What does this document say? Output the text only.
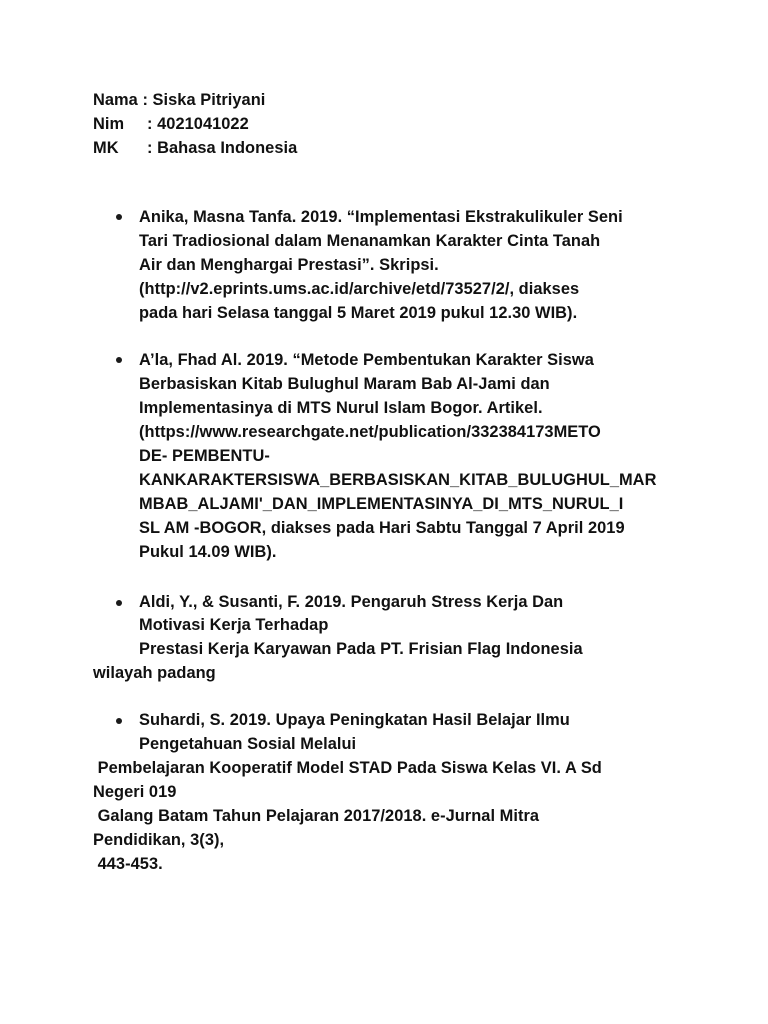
Nama : Siska Pitriyani
Nim : 4021041022
MK : Bahasa Indonesia
Anika, Masna Tanfa. 2019. “Implementasi Ekstrakulikuler Seni
Tari Tradiosional dalam Menanamkan Karakter Cinta Tanah
Air dan Menghargai Prestasi”. Skripsi.
(http://v2.eprints.ums.ac.id/archive/etd/73527/2/, diakses
pada hari Selasa tanggal 5 Maret 2019 pukul 12.30 WIB).
A’la, Fhad Al. 2019. “Metode Pembentukan Karakter Siswa
Berbasiskan Kitab Bulughul Maram Bab Al-Jami dan
Implementasinya di MTS Nurul Islam Bogor. Artikel.
(https://www.researchgate.net/publication/332384173METO
DE- PEMBENTU-
KANKARAKTERSISWA_BERBASISKAN_KITAB_BULUGHUL_MAR
MBAB_ALJAMI'_DAN_IMPLEMENTASINYA_DI_MTS_NURUL_I
SL AM -BOGOR, diakses pada Hari Sabtu Tanggal 7 April 2019
Pukul 14.09 WIB).
Aldi, Y., & Susanti, F. 2019. Pengaruh Stress Kerja Dan
Motivasi Kerja Terhadap
Prestasi Kerja Karyawan Pada PT. Frisian Flag Indonesia
wilayah padang
Suhardi, S. 2019. Upaya Peningkatan Hasil Belajar Ilmu
Pengetahuan Sosial Melalui
Pembelajaran Kooperatif Model STAD Pada Siswa Kelas VI. A Sd
Negeri 019
Galang Batam Tahun Pelajaran 2017/2018. e-Jurnal Mitra
Pendidikan, 3(3),
443-453.
